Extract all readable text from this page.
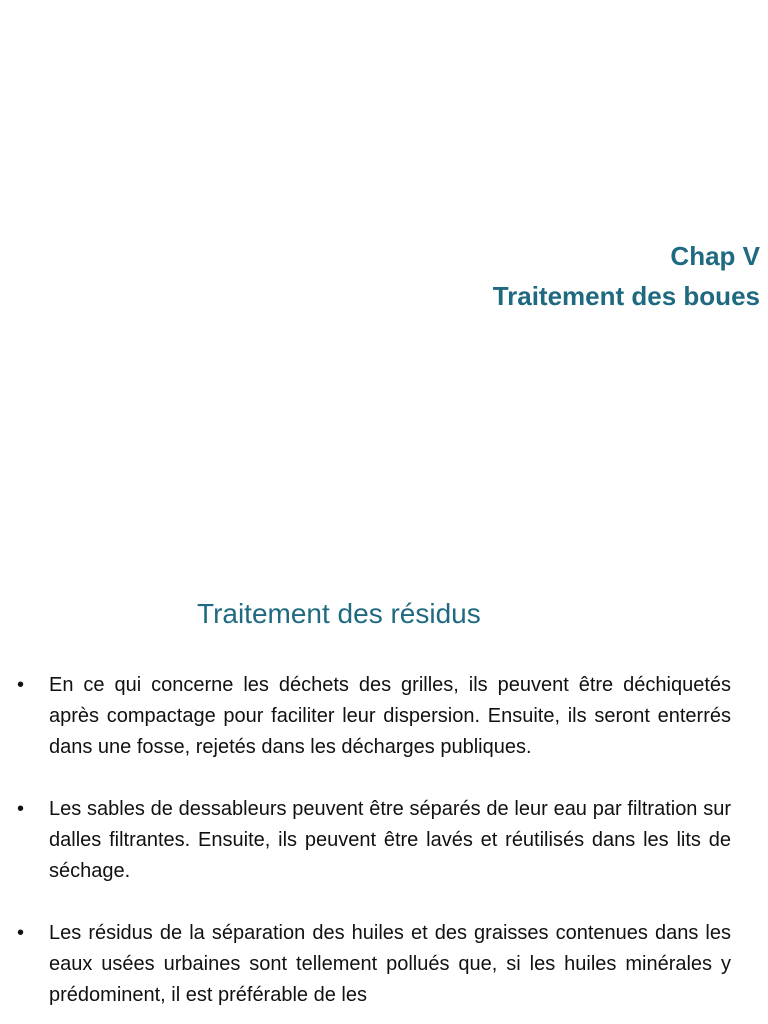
Chap V
Traitement des boues
Traitement des résidus
• En ce qui concerne les déchets des grilles, ils peuvent être déchiquetés après compactage pour faciliter leur dispersion. Ensuite, ils seront enterrés dans une fosse, rejetés dans les décharges publiques.
• Les sables de dessableurs peuvent être séparés de leur eau par filtration sur dalles filtrantes. Ensuite, ils peuvent être lavés et réutilisés dans les lits de séchage.
• Les résidus de la séparation des huiles et des graisses contenues dans les eaux usées urbaines sont tellement pollués que, si les huiles minérales y prédominent, il est préférable de les
